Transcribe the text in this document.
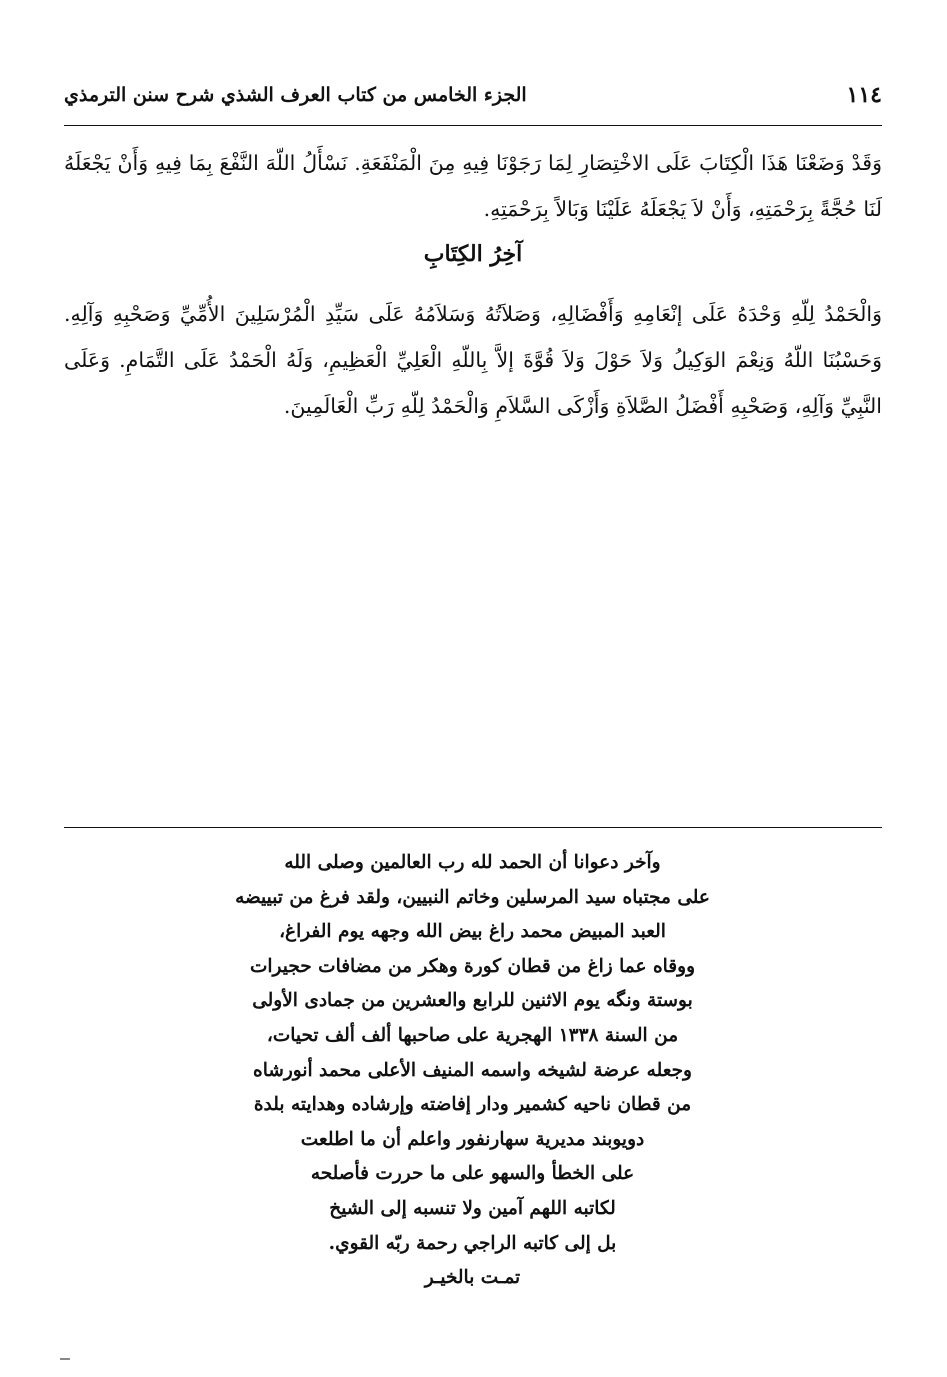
١١٤
الجزء الخامس من كتاب العرف الشذي شرح سنن الترمذي

وَقَدْ وَضَعْنَا هَذَا الْكِتَابَ عَلَى الاخْتِصَارِ لِمَا رَجَوْنَا فِيهِ مِنَ الْمَنْفَعَةِ. نَسْأَلُ اللّهَ النَّفْعَ بِمَا فِيهِ وَأَنْ يَجْعَلَهُ لَنَا حُجَّةً بِرَحْمَتِهِ، وَأَنْ لاَ يَجْعَلَهُ عَلَيْنَا وَبَالاً بِرَحْمَتِهِ.

آخِرُ الكِتَابِ

وَالْحَمْدُ لِلّهِ وَحْدَهُ عَلَى إنْعَامِهِ وَأَفْضَالِهِ، وَصَلاَتُهُ وَسَلاَمُهُ عَلَى سَيِّدِ الْمُرْسَلِينَ الأُمِّيِّ وَصَحْبِهِ وَآلِهِ. وَحَسْبُنَا اللّهُ وَنِعْمَ الوَكِيلُ وَلاَ حَوْلَ وَلاَ قُوَّةَ إلاَّ بِاللّهِ الْعَلِيِّ الْعَظِيمِ، وَلَهُ الْحَمْدُ عَلَى التَّمَامِ. وَعَلَى النَّبِيِّ وَآلِهِ، وَصَحْبِهِ أَفْضَلُ الصَّلاَةِ وَأَزْكَى السَّلاَمِ وَالْحَمْدُ لِلّهِ رَبِّ الْعَالَمِينَ.

وآخر دعوانا أن الحمد لله رب العالمين وصلى الله
على مجتباه سيد المرسلين وخاتم النبيين، ولقد فرغ من تبييضه
العبد المبيض محمد راغ بيض الله وجهه يوم الفراغ،
ووقاه عما زاغ من قطان كورة وهكر من مضافات حجيرات
بوستة ونگه يوم الاثنين للرابع والعشرين من جمادى الأولى
من السنة ١٣٣٨ الهجرية على صاحبها ألف ألف تحيات،
وجعله عرضة لشيخه واسمه المنيف الأعلى محمد أنورشاه
من قطان ناحيه كشمير ودار إفاضته وإرشاده وهدايته بلدة
دويوبند مديرية سهارنفور واعلم أن ما اطلعت
على الخطأ والسهو على ما حررت فأصلحه
لكاتبه اللهم آمين ولا تنسبه إلى الشيخ
بل إلى كاتبه الراجي رحمة ربّه القوي.
تمـت بالخيـر
